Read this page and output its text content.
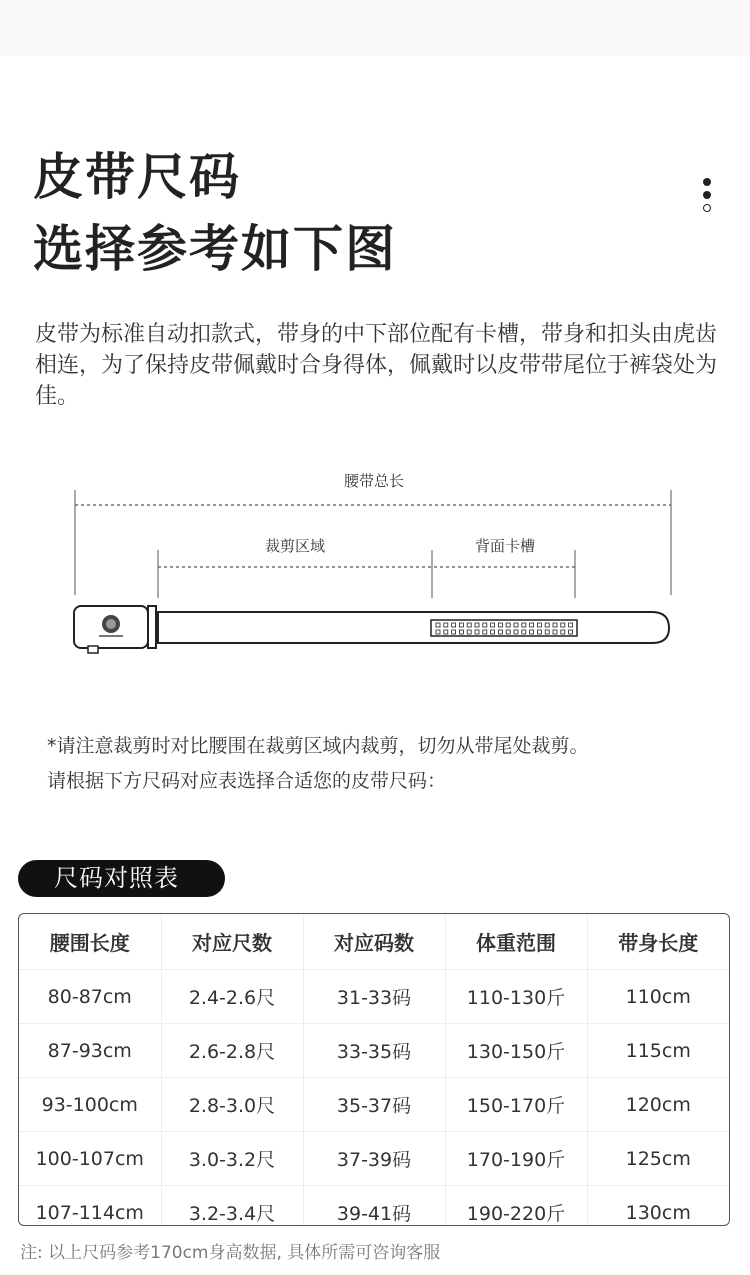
皮带尺码
选择参考如下图

皮带为标准自动扣款式，带身的中下部位配有卡槽，带身和扣头由虎齿相连，为了保持皮带佩戴时合身得体，佩戴时以皮带带尾位于裤袋处为佳。

腰带总长
裁剪区域	背面卡槽

*请注意裁剪时对比腰围在裁剪区域内裁剪，切勿从带尾处裁剪。

请根据下方尺码对应表选择合适您的皮带尺码：

尺码对照表
腰围长度	对应尺数	对应码数	体重范围	带身长度
80-87cm	2.4-2.6尺	31-33码	110-130斤	110cm
87-93cm	2.6-2.8尺	33-35码	130-150斤	115cm
93-100cm	2.8-3.0尺	35-37码	150-170斤	120cm
100-107cm	3.0-3.2尺	37-39码	170-190斤	125cm
107-114cm	3.2-3.4尺	39-41码	190-220斤	130cm

注: 以上尺码参考170cm身高数据, 具体所需可咨询客服
